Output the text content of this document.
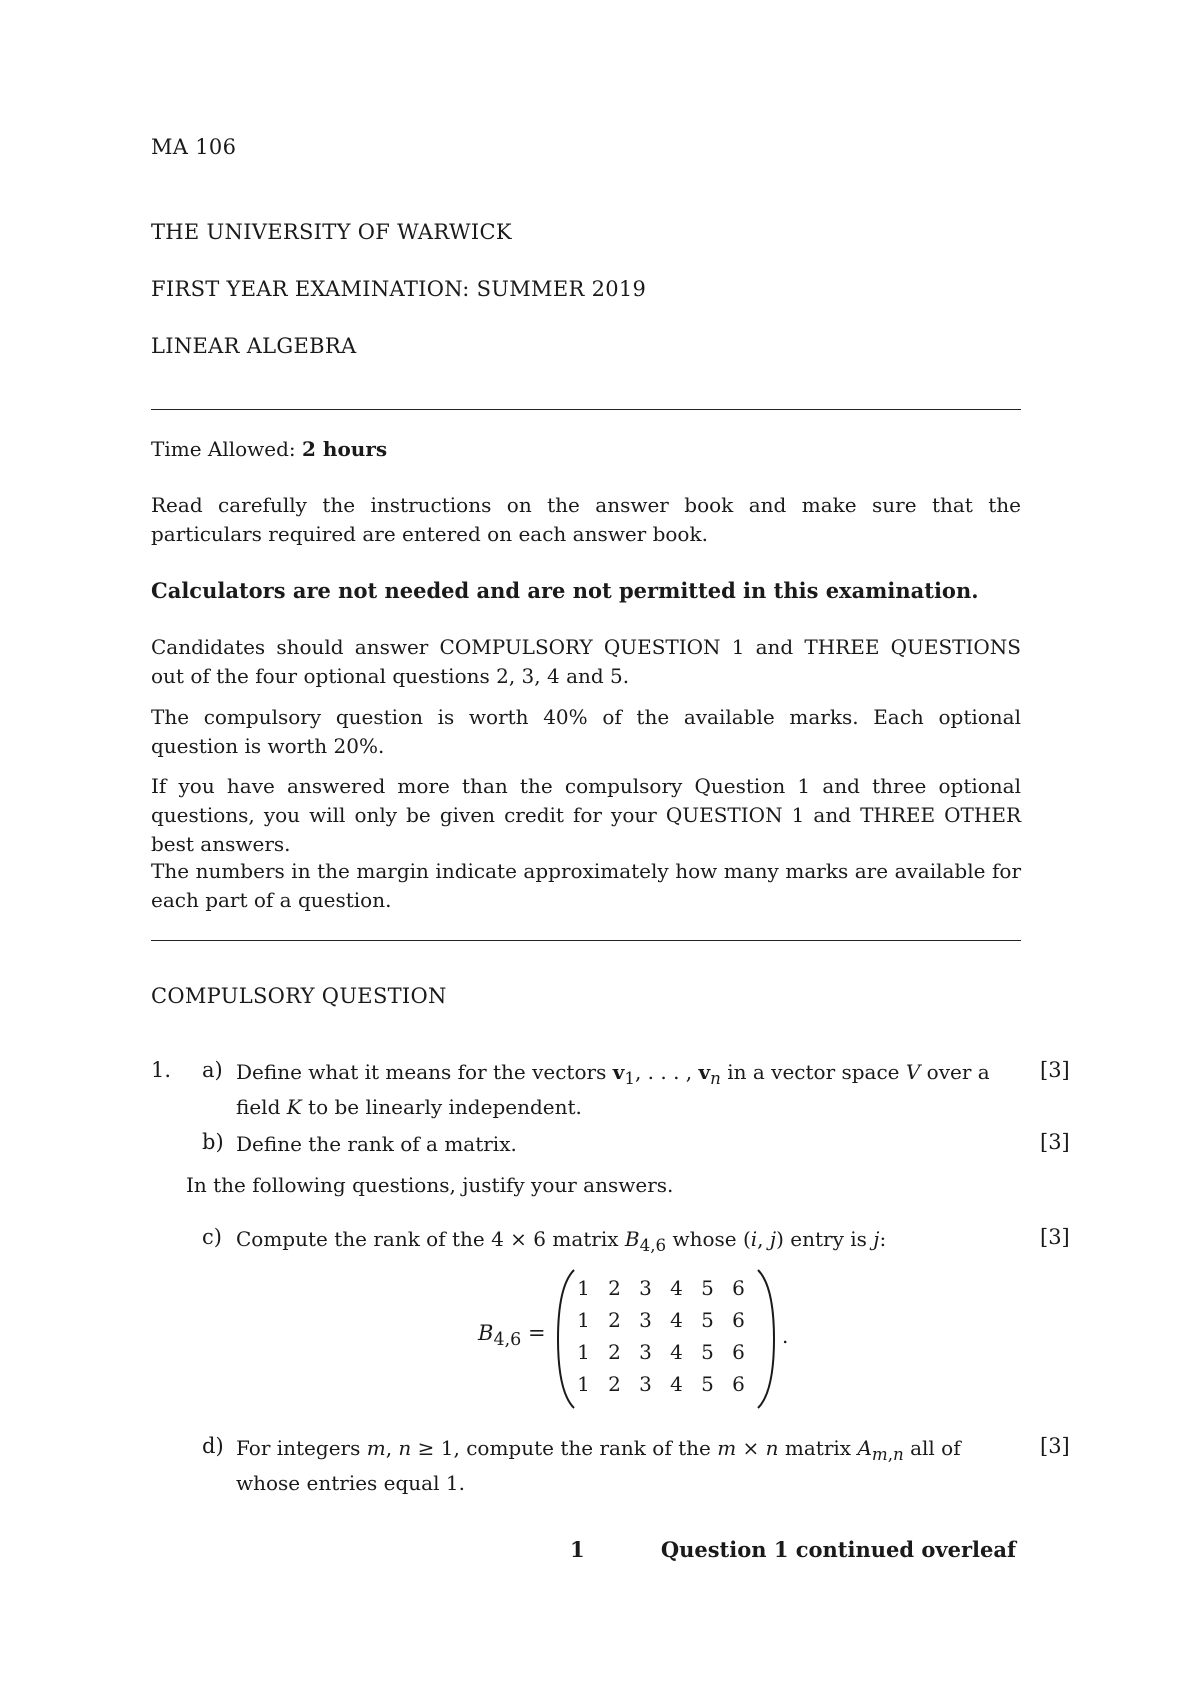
MA 106
THE UNIVERSITY OF WARWICK
FIRST YEAR EXAMINATION: SUMMER 2019
LINEAR ALGEBRA
Time Allowed: 2 hours
Read carefully the instructions on the answer book and make sure that the particulars required are entered on each answer book.
Calculators are not needed and are not permitted in this examination.
Candidates should answer COMPULSORY QUESTION 1 and THREE QUESTIONS out of the four optional questions 2, 3, 4 and 5.
The compulsory question is worth 40% of the available marks. Each optional question is worth 20%.
If you have answered more than the compulsory Question 1 and three optional questions, you will only be given credit for your QUESTION 1 and THREE OTHER best answers.
The numbers in the margin indicate approximately how many marks are available for each part of a question.
COMPULSORY QUESTION
1. a) Define what it means for the vectors $v_1$, . . . , $v_n$ in a vector space V over a field K to be linearly independent.
[3]
b) Define the rank of a matrix.	[3]
In the following questions, justify your answers.
c) Compute the rank of the 4 × 6 matrix $B_{4,6}$ whose (i, j) entry is j:	[3]
$B_{4,6}$ =
1 2 3 4 5 6
1 2 3 4 5 6
1 2 3 4 5 6
1 2 3 4 5 6
.
d) For integers m, n ≥ 1, compute the rank of the m × n matrix $A_{m,n}$ all of whose entries equal 1.
[3]
1	Question 1 continued overleaf
